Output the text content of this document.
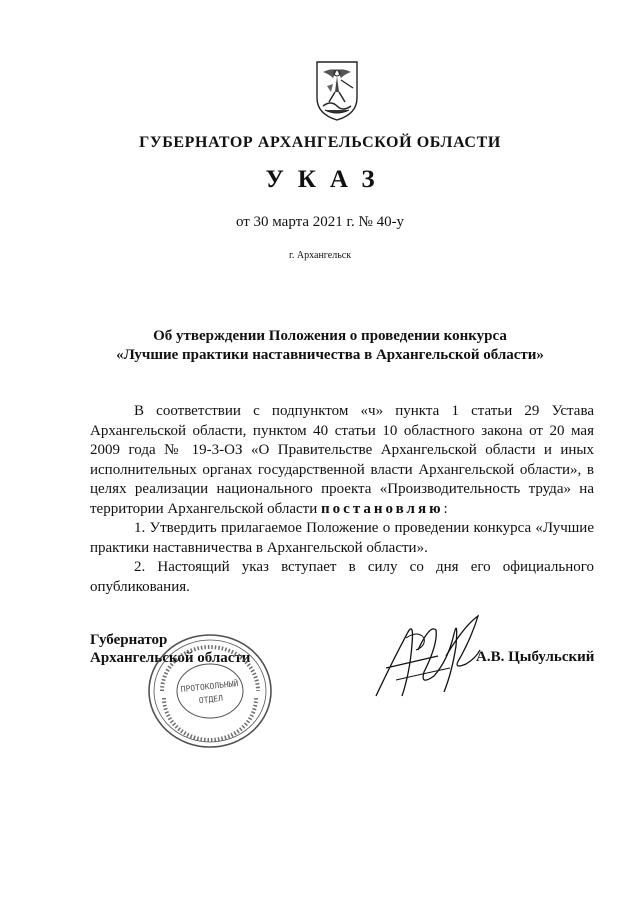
ГУБЕРНАТОР АРХАНГЕЛЬСКОЙ ОБЛАСТИ
УКАЗ
от 30 марта 2021 г. № 40-у
г. Архангельск
Об утверждении Положения о проведении конкурса
«Лучшие практики наставничества в Архангельской области»

В соответствии с подпунктом «ч» пункта 1 статьи 29 Устава Архангельской области, пунктом 40 статьи 10 областного закона от 20 мая 2009 года № 19-3-ОЗ «О Правительстве Архангельской области и иных исполнительных органах государственной власти Архангельской области», в целях реализации национального проекта «Производительность труда» на территории Архангельской области постановляю:

1. Утвердить прилагаемое Положение о проведении конкурса «Лучшие практики наставничества в Архангельской области».

2. Настоящий указ вступает в силу со дня его официального опубликования.

Губернатор
Архангельской области
ПРОТОКОЛЬНЫЙ
ОТДЕЛ
А.В. Цыбульский
